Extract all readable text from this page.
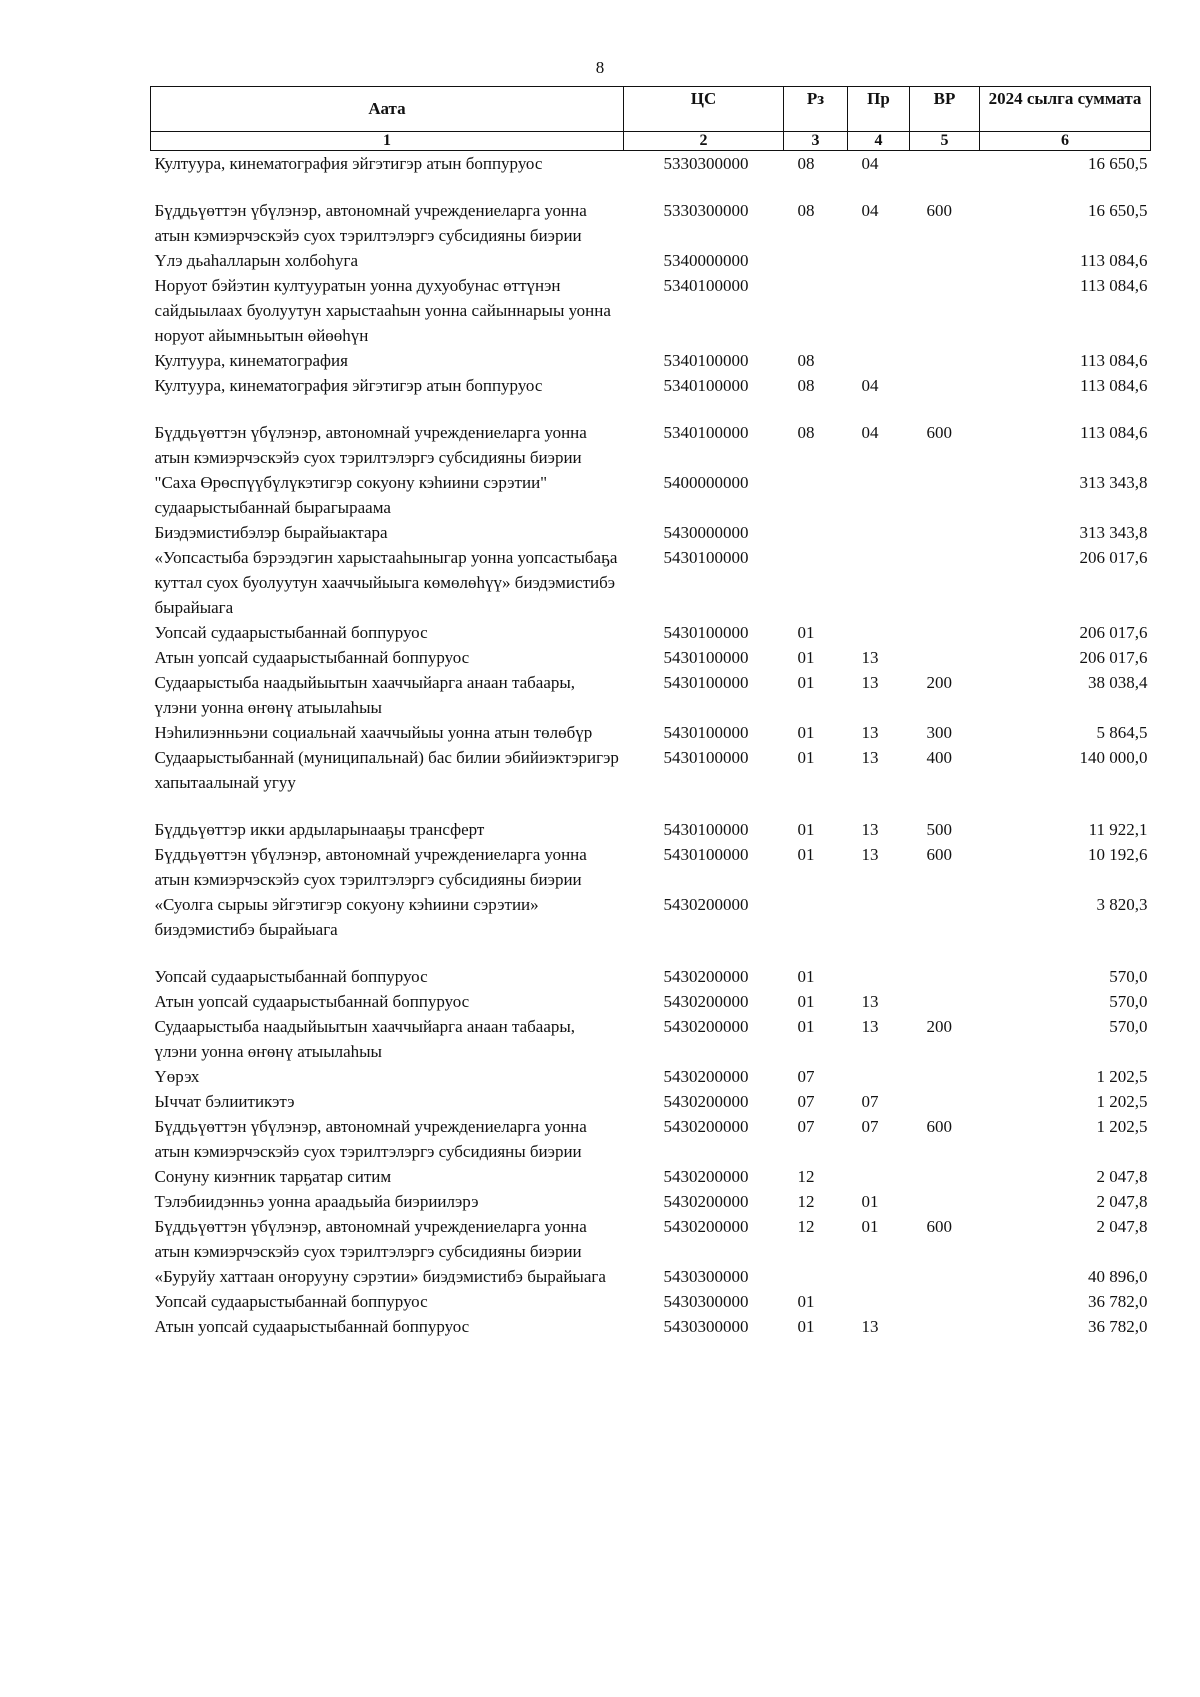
8
Аата	ЦС	Рз	Пр	ВР	2024 сылга суммата
1	2	3	4	5	6
Култуура, кинематография эйгэтигэр атын боппуруос	5330300000	08	04		16 650,5

Бүддьүөттэн үбүлэнэр, автономнай учреждениеларга уонна атын кэмиэрчэскэйэ суох тэрилтэлэргэ субсидияны биэрии	5330300000	08	04	600	16 650,5
Үлэ дьаһалларын холбоһуга	5340000000				113 084,6
Норуот бэйэтин култууратын уонна духуобунас өттүнэн сайдыылаах буолуутун харыстааһын уонна сайыннарыы уонна норуот айымньытын өйөөһүн	5340100000				113 084,6
Култуура, кинематография	5340100000	08			113 084,6
Култуура, кинематография эйгэтигэр атын боппуруос	5340100000	08	04		113 084,6

Бүддьүөттэн үбүлэнэр, автономнай учреждениеларга уонна атын кэмиэрчэскэйэ суох тэрилтэлэргэ субсидияны биэрии	5340100000	08	04	600	113 084,6
"Саха Өрөспүүбүлүкэтигэр сокуону кэһиини сэрэтии" судаарыстыбаннай бырагыраама	5400000000				313 343,8
Биэдэмистибэлэр бырайыактара	5430000000				313 343,8
«Уопсастыба бэрээдэгин харыстааһыныгар уонна уопсастыбаҕа куттал суох буолуутун хааччыйыыга көмөлөһүү» биэдэмистибэ бырайыага	5430100000				206 017,6
Уопсай судаарыстыбаннай боппуруос	5430100000	01			206 017,6
Атын уопсай судаарыстыбаннай боппуруос	5430100000	01	13		206 017,6
Судаарыстыба наадыйыытын хааччыйарга анаан табаары, үлэни уонна өҥөнү атыылаһыы	5430100000	01	13	200	38 038,4
Нэһилиэнньэни социальнай хааччыйыы уонна атын төлөбүр	5430100000	01	13	300	5 864,5
Судаарыстыбаннай (муниципальнай) бас билии эбийиэктэригэр хапытаалынай угуу	5430100000	01	13	400	140 000,0

Бүддьүөттэр икки ардыларынааҕы трансферт	5430100000	01	13	500	11 922,1
Бүддьүөттэн үбүлэнэр, автономнай учреждениеларга уонна атын кэмиэрчэскэйэ суох тэрилтэлэргэ субсидияны биэрии	5430100000	01	13	600	10 192,6
«Суолга сырыы эйгэтигэр сокуону кэһиини сэрэтии» биэдэмистибэ бырайыага	5430200000				3 820,3

Уопсай судаарыстыбаннай боппуруос	5430200000	01			570,0
Атын уопсай судаарыстыбаннай боппуруос	5430200000	01	13		570,0
Судаарыстыба наадыйыытын хааччыйарга анаан табаары, үлэни уонна өҥөнү атыылаһыы	5430200000	01	13	200	570,0
Үөрэх	5430200000	07			1 202,5
Ыччат бэлиитикэтэ	5430200000	07	07		1 202,5
Бүддьүөттэн үбүлэнэр, автономнай учреждениеларга уонна атын кэмиэрчэскэйэ суох тэрилтэлэргэ субсидияны биэрии	5430200000	07	07	600	1 202,5
Сонуну киэҥник тарҕатар ситим	5430200000	12			2 047,8
Тэлэбиидэнньэ уонна араадьыйа биэриилэрэ	5430200000	12	01		2 047,8
Бүддьүөттэн үбүлэнэр, автономнай учреждениеларга уонна атын кэмиэрчэскэйэ суох тэрилтэлэргэ субсидияны биэрии	5430200000	12	01	600	2 047,8
«Буруйу хаттаан оҥорууну сэрэтии» биэдэмистибэ бырайыага	5430300000				40 896,0
Уопсай судаарыстыбаннай боппуруос	5430300000	01			36 782,0
Атын уопсай судаарыстыбаннай боппуруос	5430300000	01	13		36 782,0
